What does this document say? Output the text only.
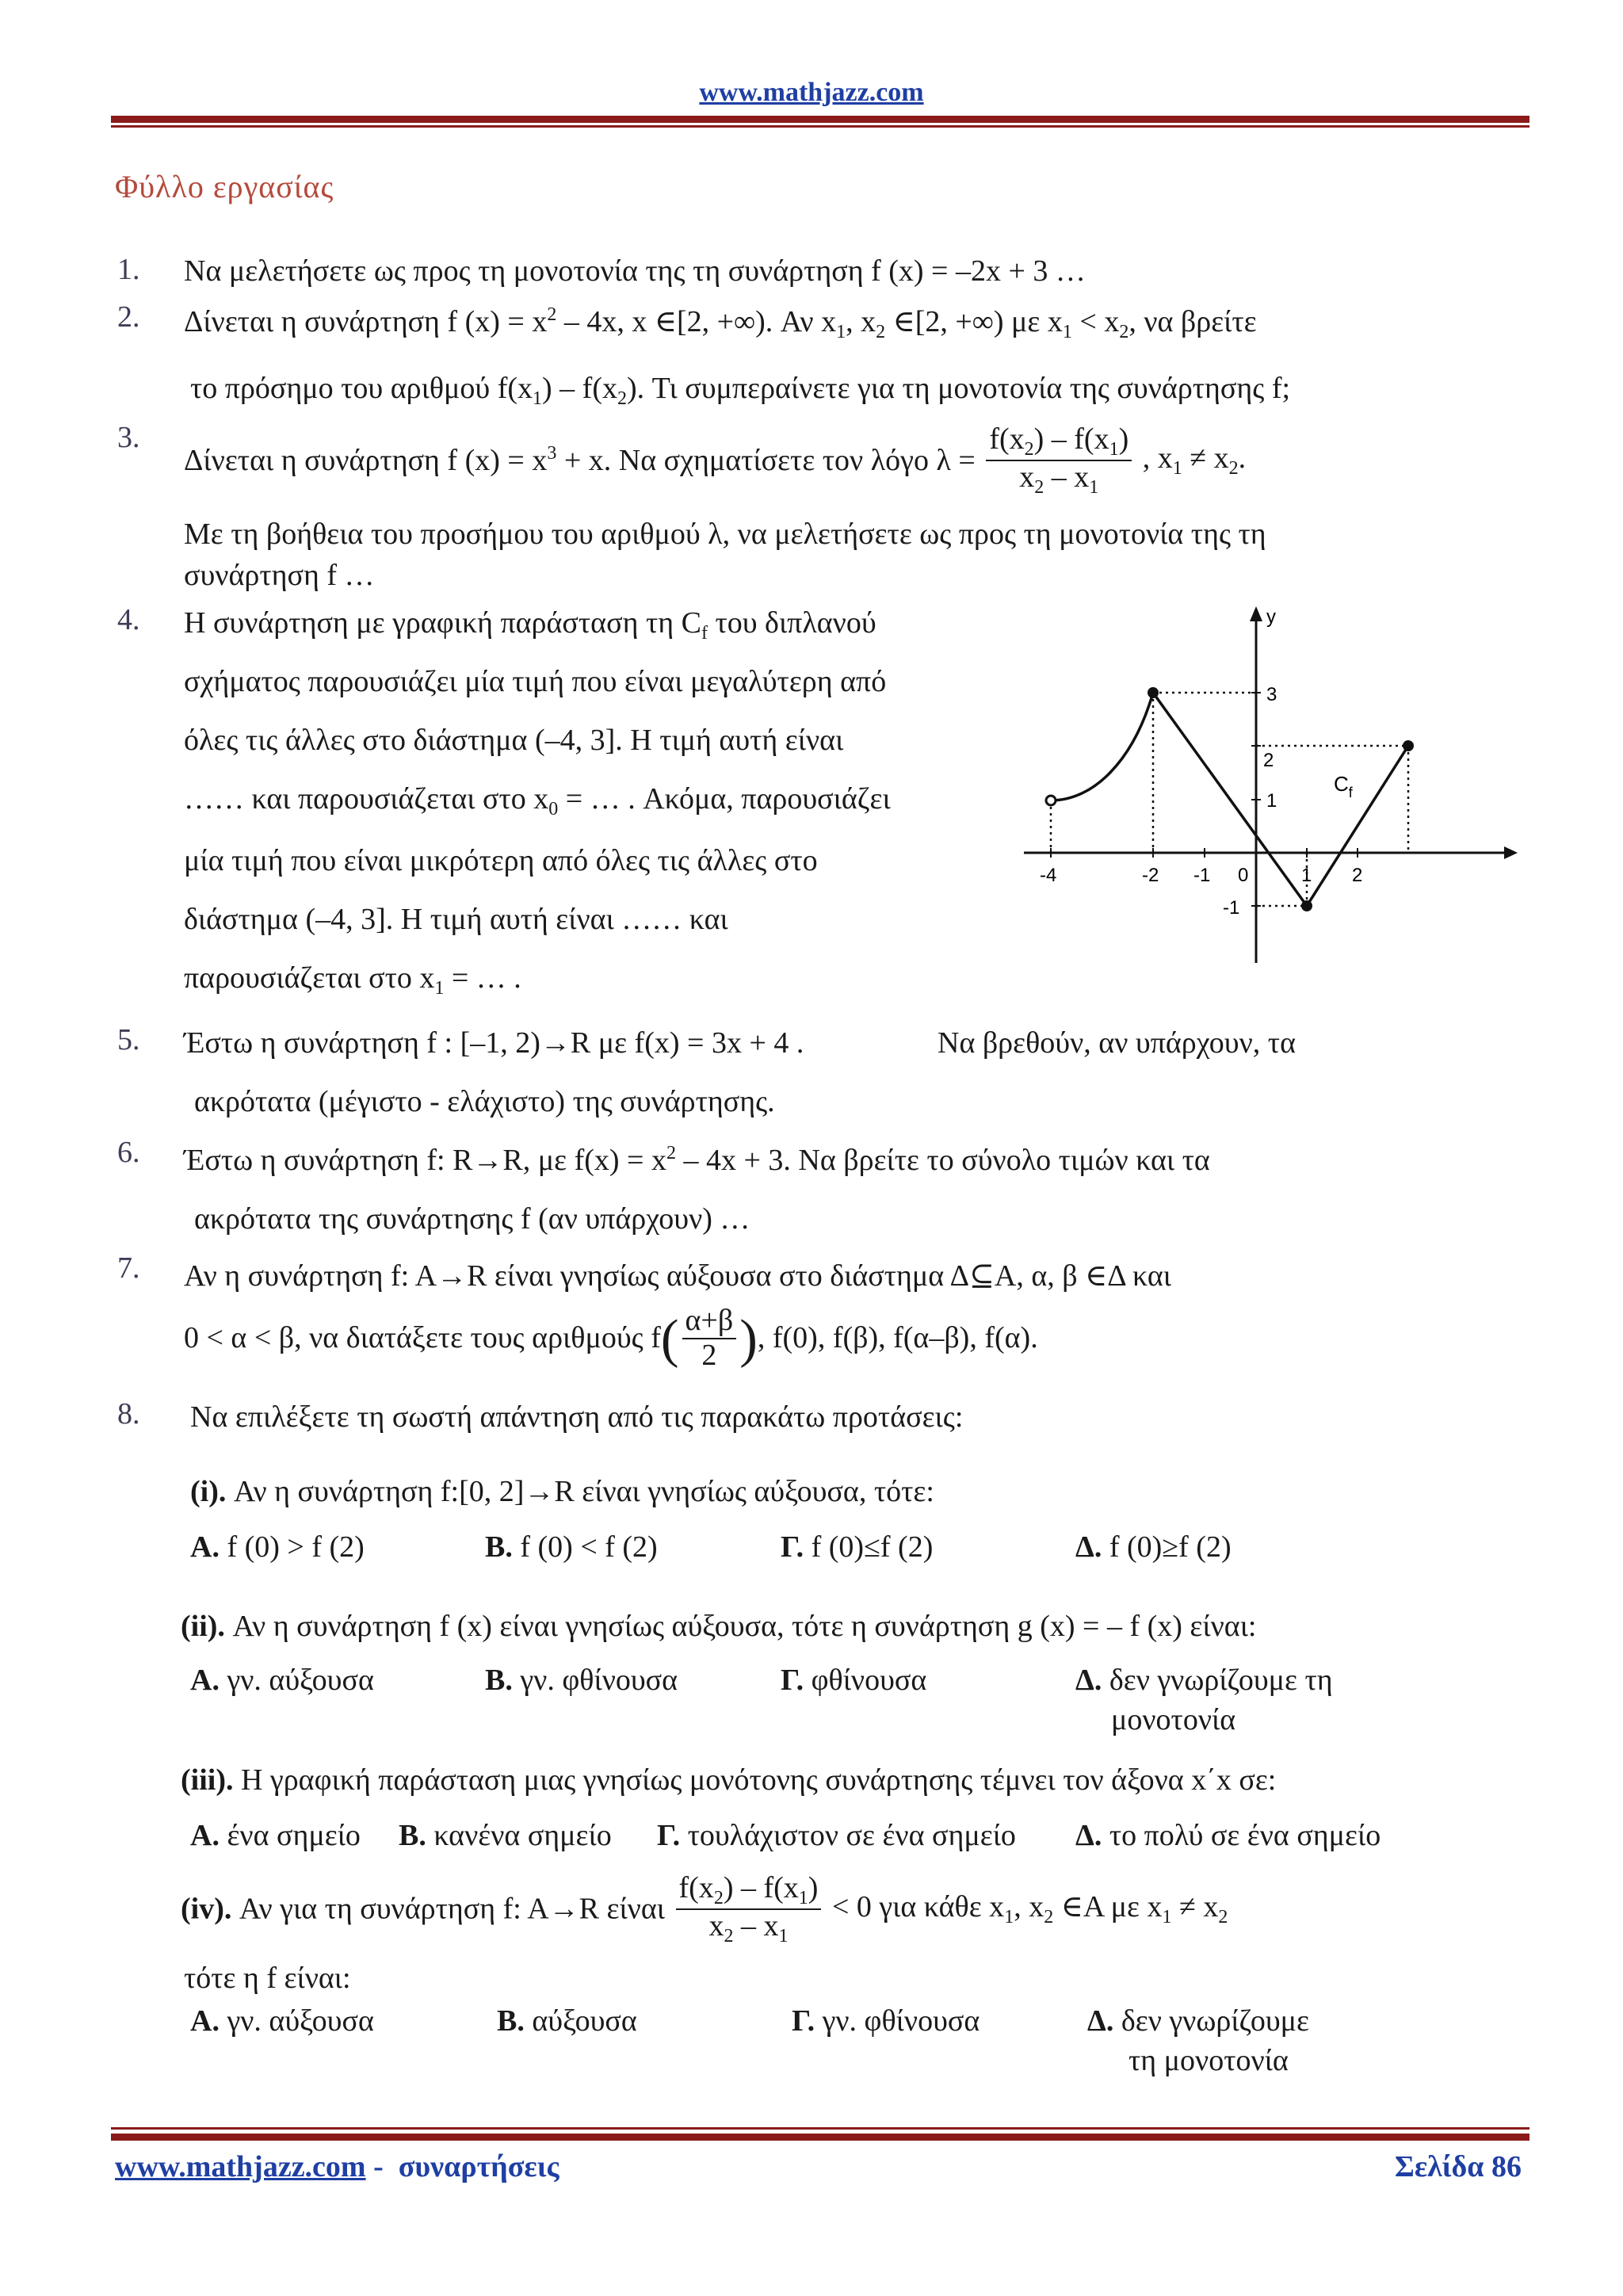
www.mathjazz.com
Φύλλο εργασίας
1. Να μελετήσετε ως προς τη μονοτονία της τη συνάρτηση f (x) = –2x + 3 …
2. Δίνεται η συνάρτηση f $(x) = x^2 - 4x$, x ∈[2, +∞). Αν $x_1$, $x_2$ ∈[2, +∞) με $x_1 < x_2$, να βρείτε
το πρόσημο του αριθμού $f(x_1) - f(x_2)$. Τι συμπεραίνετε για τη μονοτονία της συνάρτησης f;
3.
Δίνεται η συνάρτηση f $(x) = x^3 + x$. Να σχηματίσετε τον λόγο $\lambda = \frac{f(x_2) - f(x_1)}{x_2 - x_1}$ , $x_1 \ne x_2$.
Με τη βοήθεια του προσήμου του αριθμού λ, να μελετήσετε ως προς τη μονοτονία της τη
συνάρτηση f …
4. Η συνάρτηση με γραφική παράσταση τη $C_f$ του διπλανού
σχήματος παρουσιάζει μία τιμή που είναι μεγαλύτερη από
όλες τις άλλες στο διάστημα (–4, 3]. Η τιμή αυτή είναι
…… και παρουσιάζεται στο $x_0$ = … . Ακόμα, παρουσιάζει
μία τιμή που είναι μικρότερη από όλες τις άλλες στο
διάστημα (–4, 3]. Η τιμή αυτή είναι …… και
παρουσιάζεται στο $x_1$ = … .
y
$C_f$
-4	-2 -1 0	1 2
3
2
1
-1
5. Έστω η συνάρτηση f : [–1, 2)→R με f(x) = 3x + 4 .	Να βρεθούν, αν υπάρχουν, τα
ακρότατα (μέγιστο - ελάχιστο) της συνάρτησης.
6. Έστω η συνάρτηση f: R→R, με $f(x) = x^2 - 4x + 3$. Να βρείτε το σύνολο τιμών και τα
ακρότατα της συνάρτησης f (αν υπάρχουν) …
7. Αν η συνάρτηση f: A→R είναι γνησίως αύξουσα στο διάστημα Δ⊆A, α, β ∈Δ και
0 < α < β, να διατάξετε τους αριθμούς $f( \frac{\alpha+\beta}{2}$ ), f(0), f(β), f(α–β), f(α).
8. Να επιλέξετε τη σωστή απάντηση από τις παρακάτω προτάσεις:
(i). Αν η συνάρτηση f:[0, 2]→R είναι γνησίως αύξουσα, τότε:
Α. f (0) > f (2)	Β. f (0) < f (2)	Γ. f (0)≤f (2)	Δ. f (0)≥f (2)
(ii). Αν η συνάρτηση f (x) είναι γνησίως αύξουσα, τότε η συνάρτηση g (x) = – f (x) είναι:
Α. γν. αύξουσα	Β. γν. φθίνουσα	Γ. φθίνουσα	Δ. δεν γνωρίζουμε τη
μονοτονία
(iii). Η γραφική παράσταση μιας γνησίως μονότονης συνάρτησης τέμνει τον άξονα x΄x σε:
Α. ένα σημείο Β. κανένα σημείο Γ. τουλάχιστον σε ένα σημείο Δ. το πολύ σε ένα σημείο
(iv). Αν για τη συνάρτηση f: A→R είναι $\frac{f(x_2) - f(x_1)}{x_2 - x_1} < 0$ για κάθε $x_1$, $x_2$ ∈A με $x_1 \ne x_2$
τότε η f είναι:
Α. γν. αύξουσα	Β. αύξουσα	Γ. γν. φθίνουσα	Δ. δεν γνωρίζουμε
τη μονοτονία
www.mathjazz.com -  συναρτήσεις	Σελίδα 86
